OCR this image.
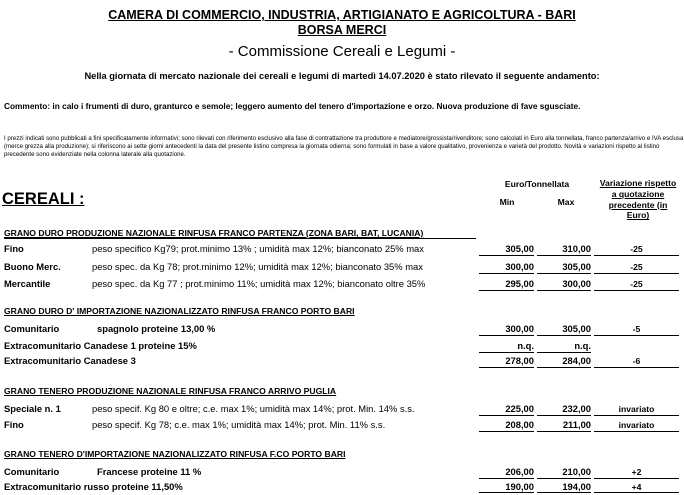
CAMERA DI COMMERCIO, INDUSTRIA, ARTIGIANATO E AGRICOLTURA - BARI
BORSA MERCI
- Commissione Cereali e Legumi -
Nella giornata di mercato nazionale dei cereali e legumi di martedì 14.07.2020 è stato rilevato il seguente andamento:
Commento: in calo i frumenti di duro, granturco e semole; leggero aumento del tenero d'importazione e orzo. Nuova produzione di fave sgusciate.
I prezzi indicati sono pubblicati a fini specificatamente informativi; sono rilevati con riferimento esclusivo alla fase di contrattazione tra produttore e mediatore/grossista/rivenditore; sono calcolati in Euro alla tonnellata, franco partenza/arrivo e IVA esclusa (merce grezza alla produzione); si riferiscono ai sette giorni antecedenti la data del presente listino compresa la giornata odierna; sono formulati in base a valore qualitativo, provenienza e varietà del prodotto. Novità e variazioni rispetto al listino precedente sono evidenziate nella colonna laterale alla quotazione.
CEREALI :
Euro/Tonnellata
Min	Max
Variazione rispetto a quotazione precedente (in Euro)
GRANO DURO PRODUZIONE NAZIONALE RINFUSA FRANCO PARTENZA (ZONA BARI, BAT, LUCANIA)
Fino	peso specifico Kg79; prot.minimo 13% ; umidità max 12%; bianconato 25% max	305,00	310,00	-25
Buono Merc.	peso spec. da Kg 78; prot.minimo 12%; umidità max 12%; bianconato 35% max	300,00	305,00	-25
Mercantile	peso spec. da Kg 77 ; prot.minimo 11%; umidità max 12%; bianconato oltre 35%	295,00	300,00	-25
GRANO DURO D' IMPORTAZIONE NAZIONALIZZATO RINFUSA FRANCO PORTO BARI
Comunitario	spagnolo proteine 13,00 %	300,00	305,00	-5
Extracomunitario Canadese 1 proteine 15%	n.q.	n.q.
Extracomunitario Canadese 3	278,00	284,00	-6
GRANO TENERO PRODUZIONE NAZIONALE RINFUSA FRANCO ARRIVO PUGLIA
Speciale n. 1	peso specif. Kg 80 e oltre; c.e. max 1%; umidità max 14%; prot. Min. 14% s.s.	225,00	232,00	invariato
Fino	peso specif. Kg 78; c.e. max 1%; umidità max 14%; prot. Min. 11% s.s.	208,00	211,00	invariato
GRANO TENERO D'IMPORTAZIONE NAZIONALIZZATO RINFUSA F.CO PORTO BARI
Comunitario	Francese proteine 11 %	206,00	210,00	+2
Extracomunitario russo proteine 11,50%	190,00	194,00	+4
